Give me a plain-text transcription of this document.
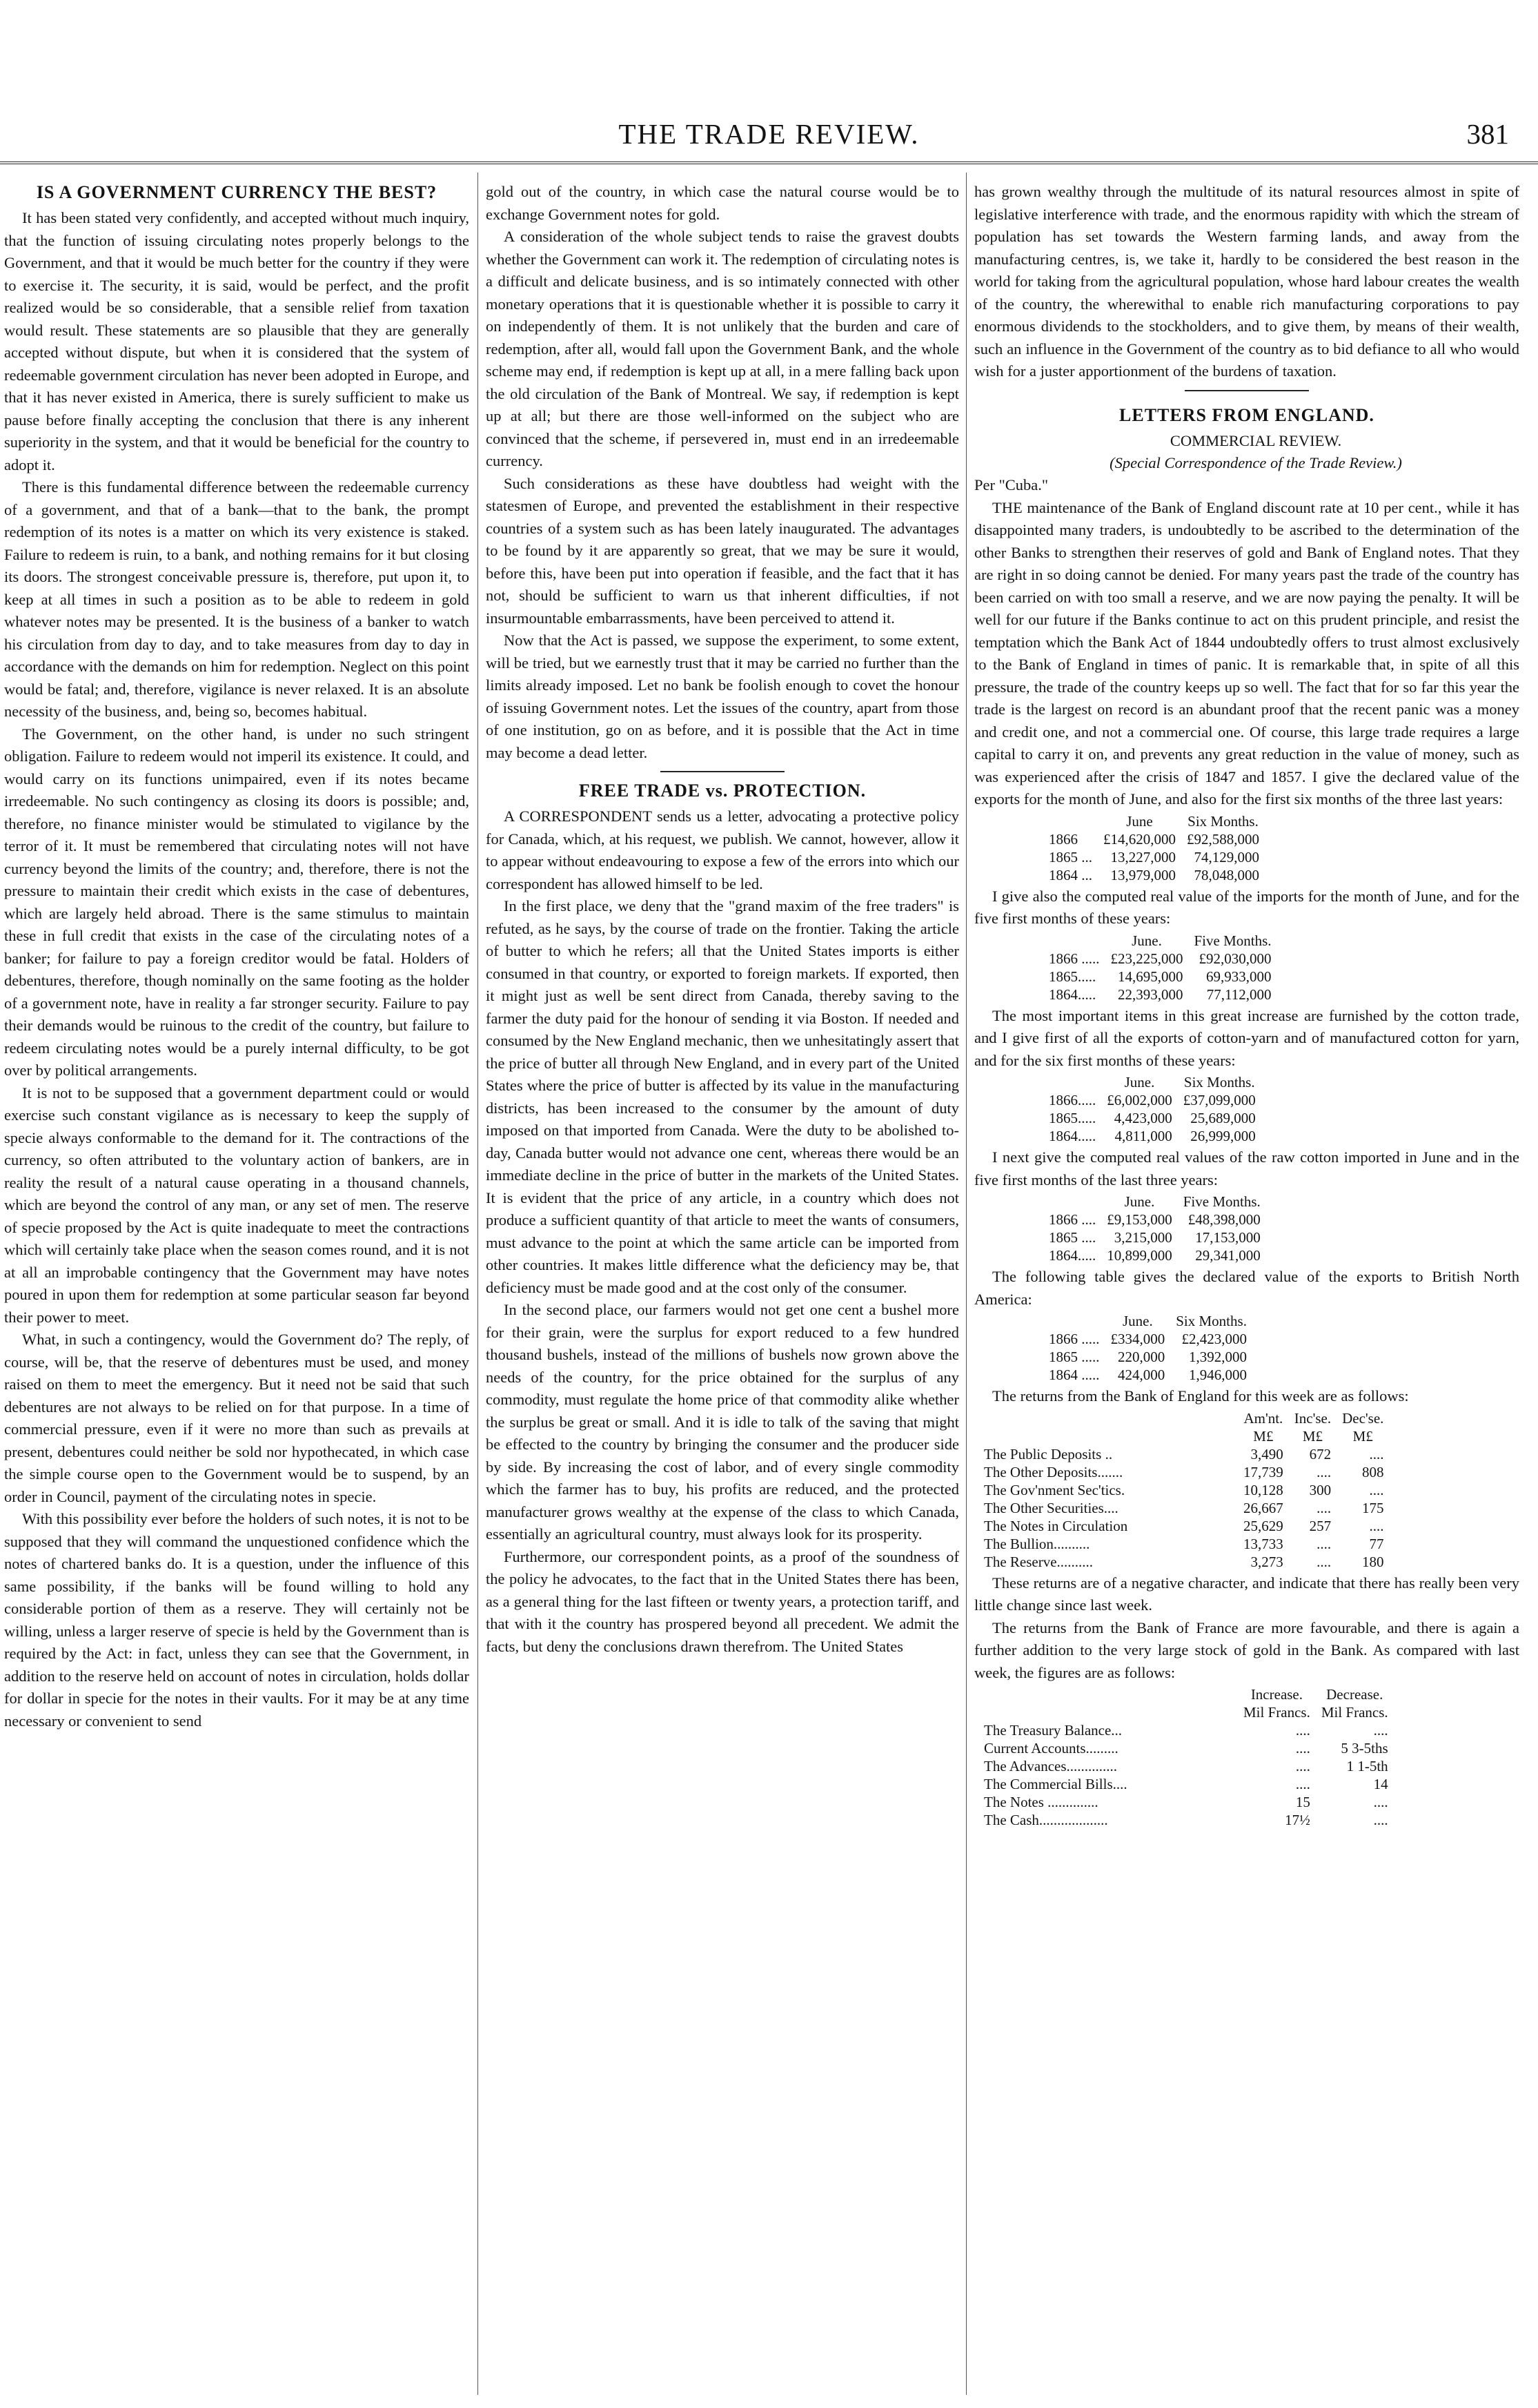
THE TRADE REVIEW.	381
IS A GOVERNMENT CURRENCY THE BEST?

It has been stated very confidently, and accepted without much inquiry, that the function of issuing circulating notes properly belongs to the Government, and that it would be much better for the country if they were to exercise it. The security, it is said, would be perfect, and the profit realized would be so considerable, that a sensible relief from taxation would result. These statements are so plausible that they are generally accepted without dispute, but when it is considered that the system of redeemable government circulation has never been adopted in Europe, and that it has never existed in America, there is surely sufficient to make us pause before finally accepting the conclusion that there is any inherent superiority in the system, and that it would be beneficial for the country to adopt it.

There is this fundamental difference between the redeemable currency of a government, and that of a bank—that to the bank, the prompt redemption of its notes is a matter on which its very existence is staked. Failure to redeem is ruin, to a bank, and nothing remains for it but closing its doors. The strongest conceivable pressure is, therefore, put upon it, to keep at all times in such a position as to be able to redeem in gold whatever notes may be presented. It is the business of a banker to watch his circulation from day to day, and to take measures from day to day in accordance with the demands on him for redemption. Neglect on this point would be fatal; and, therefore, vigilance is never relaxed. It is an absolute necessity of the business, and, being so, becomes habitual.

The Government, on the other hand, is under no such stringent obligation. Failure to redeem would not imperil its existence. It could, and would carry on its functions unimpaired, even if its notes became irredeemable. No such contingency as closing its doors is possible; and, therefore, no finance minister would be stimulated to vigilance by the terror of it. It must be remembered that circulating notes will not have currency beyond the limits of the country; and, therefore, there is not the pressure to maintain their credit which exists in the case of debentures, which are largely held abroad. There is the same stimulus to maintain these in full credit that exists in the case of the circulating notes of a banker; for failure to pay a foreign creditor would be fatal. Holders of debentures, therefore, though nominally on the same footing as the holder of a government note, have in reality a far stronger security. Failure to pay their demands would be ruinous to the credit of the country, but failure to redeem circulating notes would be a purely internal difficulty, to be got over by political arrangements.

It is not to be supposed that a government department could or would exercise such constant vigilance as is necessary to keep the supply of specie always conformable to the demand for it. The contractions of the currency, so often attributed to the voluntary action of bankers, are in reality the result of a natural cause operating in a thousand channels, which are beyond the control of any man, or any set of men. The reserve of specie proposed by the Act is quite inadequate to meet the contractions which will certainly take place when the season comes round, and it is not at all an improbable contingency that the Government may have notes poured in upon them for redemption at some particular season far beyond their power to meet.

What, in such a contingency, would the Government do? The reply, of course, will be, that the reserve of debentures must be used, and money raised on them to meet the emergency. But it need not be said that such debentures are not always to be relied on for that purpose. In a time of commercial pressure, even if it were no more than such as prevails at present, debentures could neither be sold nor hypothecated, in which case the simple course open to the Government would be to suspend, by an order in Council, payment of the circulating notes in specie.

With this possibility ever before the holders of such notes, it is not to be supposed that they will command the unquestioned confidence which the notes of chartered banks do. It is a question, under the influence of this same possibility, if the banks will be found willing to hold any considerable portion of them as a reserve. They will certainly not be willing, unless a larger reserve of specie is held by the Government than is required by the Act: in fact, unless they can see that the Government, in addition to the reserve held on account of notes in circulation, holds dollar for dollar in specie for the notes in their vaults. For it may be at any time necessary or convenient to send

gold out of the country, in which case the natural course would be to exchange Government notes for gold.

A consideration of the whole subject tends to raise the gravest doubts whether the Government can work it. The redemption of circulating notes is a difficult and delicate business, and is so intimately connected with other monetary operations that it is questionable whether it is possible to carry it on independently of them. It is not unlikely that the burden and care of redemption, after all, would fall upon the Government Bank, and the whole scheme may end, if redemption is kept up at all, in a mere falling back upon the old circulation of the Bank of Montreal. We say, if redemption is kept up at all; but there are those well-informed on the subject who are convinced that the scheme, if persevered in, must end in an irredeemable currency.

Such considerations as these have doubtless had weight with the statesmen of Europe, and prevented the establishment in their respective countries of a system such as has been lately inaugurated. The advantages to be found by it are apparently so great, that we may be sure it would, before this, have been put into operation if feasible, and the fact that it has not, should be sufficient to warn us that inherent difficulties, if not insurmountable embarrassments, have been perceived to attend it.

Now that the Act is passed, we suppose the experiment, to some extent, will be tried, but we earnestly trust that it may be carried no further than the limits already imposed. Let no bank be foolish enough to covet the honour of issuing Government notes. Let the issues of the country, apart from those of one institution, go on as before, and it is possible that the Act in time may become a dead letter.

FREE TRADE vs. PROTECTION.

A CORRESPONDENT sends us a letter, advocating a protective policy for Canada, which, at his request, we publish. We cannot, however, allow it to appear without endeavouring to expose a few of the errors into which our correspondent has allowed himself to be led.

In the first place, we deny that the "grand maxim of the free traders" is refuted, as he says, by the course of trade on the frontier. Taking the article of butter to which he refers; all that the United States imports is either consumed in that country, or exported to foreign markets. If exported, then it might just as well be sent direct from Canada, thereby saving to the farmer the duty paid for the honour of sending it via Boston. If needed and consumed by the New England mechanic, then we unhesitatingly assert that the price of butter all through New England, and in every part of the United States where the price of butter is affected by its value in the manufacturing districts, has been increased to the consumer by the amount of duty imposed on that imported from Canada. Were the duty to be abolished to-day, Canada butter would not advance one cent, whereas there would be an immediate decline in the price of butter in the markets of the United States. It is evident that the price of any article, in a country which does not produce a sufficient quantity of that article to meet the wants of consumers, must advance to the point at which the same article can be imported from other countries. It makes little difference what the deficiency may be, that deficiency must be made good and at the cost only of the consumer.

In the second place, our farmers would not get one cent a bushel more for their grain, were the surplus for export reduced to a few hundred thousand bushels, instead of the millions of bushels now grown above the needs of the country, for the price obtained for the surplus of any commodity, must regulate the home price of that commodity alike whether the surplus be great or small. And it is idle to talk of the saving that might be effected to the country by bringing the consumer and the producer side by side. By increasing the cost of labor, and of every single commodity which the farmer has to buy, his profits are reduced, and the protected manufacturer grows wealthy at the expense of the class to which Canada, essentially an agricultural country, must always look for its prosperity.

Furthermore, our correspondent points, as a proof of the soundness of the policy he advocates, to the fact that in the United States there has been, as a general thing for the last fifteen or twenty years, a protection tariff, and that with it the country has prospered beyond all precedent. We admit the facts, but deny the conclusions drawn therefrom. The United States

has grown wealthy through the multitude of its natural resources almost in spite of legislative interference with trade, and the enormous rapidity with which the stream of population has set towards the Western farming lands, and away from the manufacturing centres, is, we take it, hardly to be considered the best reason in the world for taking from the agricultural population, whose hard labour creates the wealth of the country, the wherewithal to enable rich manufacturing corporations to pay enormous dividends to the stockholders, and to give them, by means of their wealth, such an influence in the Government of the country as to bid defiance to all who would wish for a juster apportionment of the burdens of taxation.

LETTERS FROM ENGLAND.

COMMERCIAL REVIEW.

(Special Correspondence of the Trade Review.)

Per "Cuba."

THE maintenance of the Bank of England discount rate at 10 per cent., while it has disappointed many traders, is undoubtedly to be ascribed to the determination of the other Banks to strengthen their reserves of gold and Bank of England notes. That they are right in so doing cannot be denied. For many years past the trade of the country has been carried on with too small a reserve, and we are now paying the penalty. It will be well for our future if the Banks continue to act on this prudent principle, and resist the temptation which the Bank Act of 1844 undoubtedly offers to trust almost exclusively to the Bank of England in times of panic. It is remarkable that, in spite of all this pressure, the trade of the country keeps up so well. The fact that for so far this year the trade is the largest on record is an abundant proof that the recent panic was a money and credit one, and not a commercial one. Of course, this large trade requires a large capital to carry it on, and prevents any great reduction in the value of money, such as was experienced after the crisis of 1847 and 1857. I give the declared value of the exports for the month of June, and also for the first six months of the three last years:

	June	Six Months.
1866	£14,620,000	£92,588,000
1865 ...	13,227,000	74,129,000
1864 ...	13,979,000	78,048,000

I give also the computed real value of the imports for the month of June, and for the five first months of these years:

	June.	Five Months.
1866 .....	£23,225,000	£92,030,000
1865.....	14,695,000	69,933,000
1864.....	22,393,000	77,112,000

The most important items in this great increase are furnished by the cotton trade, and I give first of all the exports of cotton-yarn and of manufactured cotton for yarn, and for the six first months of these years:

	June.	Six Months.
1866.....	£6,002,000	£37,099,000
1865.....	4,423,000	25,689,000
1864.....	4,811,000	26,999,000

I next give the computed real values of the raw cotton imported in June and in the five first months of the last three years:

	June.	Five Months.
1866 ....	£9,153,000	£48,398,000
1865 ....	3,215,000	17,153,000
1864.....	10,899,000	29,341,000

The following table gives the declared value of the exports to British North America:

	June.	Six Months.
1866 .....	£334,000	£2,423,000
1865 .....	220,000	1,392,000
1864 .....	424,000	1,946,000

The returns from the Bank of England for this week are as follows:

	Am'nt.	Inc'se.	Dec'se.
	M£	M£	M£
The Public Deposits ..	3,490	672	....
The Other Deposits.......	17,739	....	808
The Gov'nment Sec'tics.	10,128	300	....
The Other Securities....	26,667	....	175
The Notes in Circulation	25,629	257	....
The Bullion..........	13,733	....	77
The Reserve..........	3,273	....	180

These returns are of a negative character, and indicate that there has really been very little change since last week.

The returns from the Bank of France are more favourable, and there is again a further addition to the very large stock of gold in the Bank. As compared with last week, the figures are as follows:

	Increase.	Decrease.
	Mil Francs.	Mil Francs.
The Treasury Balance...	....	....
Current Accounts.........	....	5 3-5ths
The Advances..............	....	1 1-5th
The Commercial Bills....	....	14
The Notes ..............	15	....
The Cash...................	17½	....
